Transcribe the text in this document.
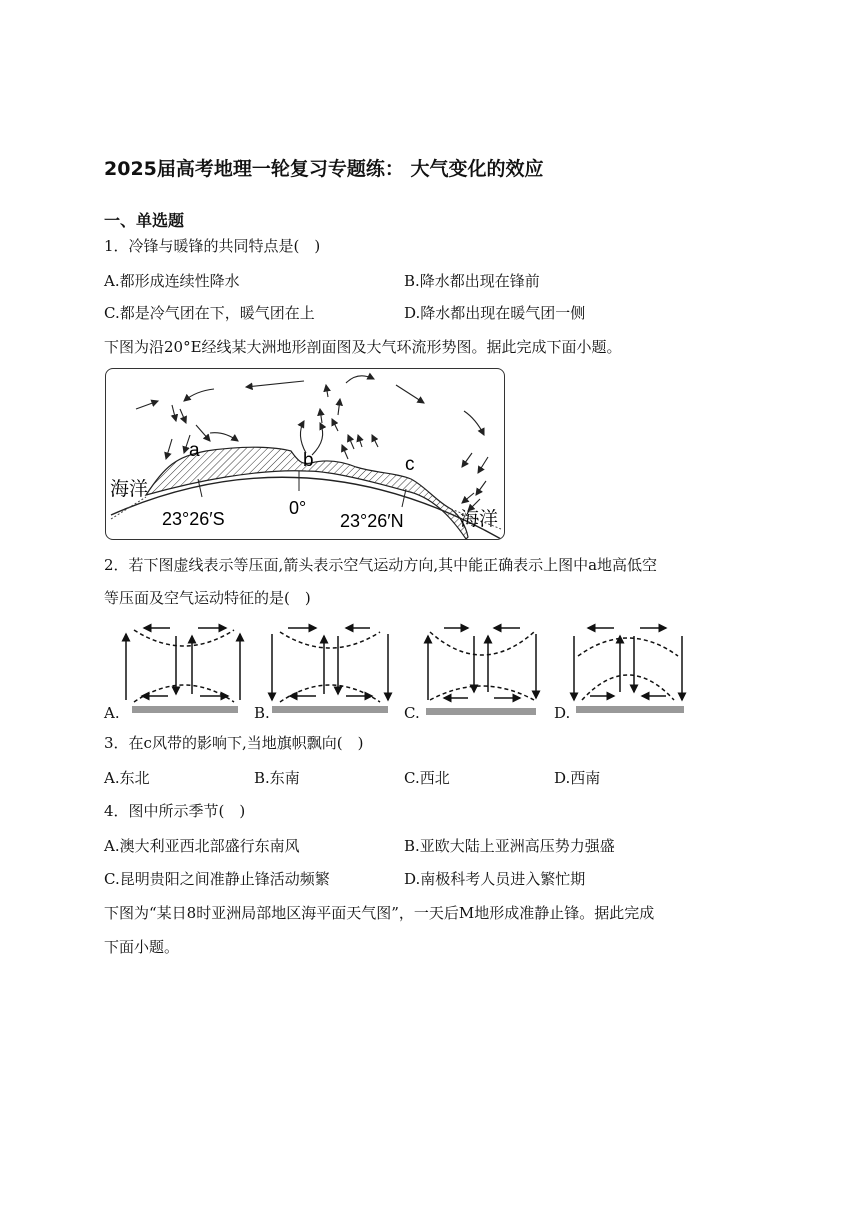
2025届高考地理一轮复习专题练： 大气变化的效应
一、单选题
1．冷锋与暖锋的共同特点是(　)
A.都形成连续性降水	B.降水都出现在锋前
C.都是冷气团在下，暖气团在上	D.降水都出现在暖气团一侧
下图为沿20°E经线某大洲地形剖面图及大气环流形势图。据此完成下面小题。
海洋
海洋
23°26′S
0°
23°26′N
a	b	c
2．若下图虚线表示等压面,箭头表示空气运动方向,其中能正确表示上图中a地高低空
等压面及空气运动特征的是(　)
A.	B.	C.	D.
3．在c风带的影响下,当地旗帜飘向(　)
A.东北	B.东南	C.西北	D.西南
4．图中所示季节(　)
A.澳大利亚西北部盛行东南风	B.亚欧大陆上亚洲高压势力强盛
C.昆明贵阳之间准静止锋活动频繁	D.南极科考人员进入繁忙期
下图为“某日8时亚洲局部地区海平面天气图”，一天后M地形成准静止锋。据此完成
下面小题。
